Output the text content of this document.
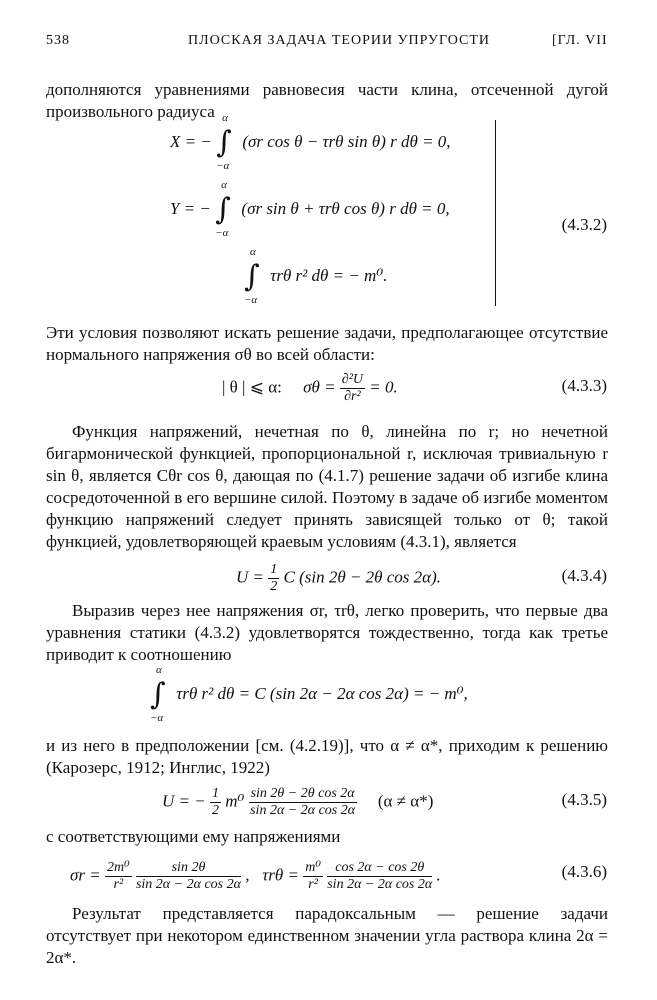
538	ПЛОСКАЯ ЗАДАЧА ТЕОРИИ УПРУГОСТИ	[ГЛ. VII
дополняются уравнениями равновесия части клина, отсеченной дугой произвольного радиуса
X = −
α
∫
−α
(σr cos θ − τrθ sin θ) r dθ = 0,
Y = −
α
∫
−α
(σr sin θ + τrθ cos θ) r dθ = 0,
α
∫
−α
τrθ r² dθ = − m⁰.
(4.3.2)
Эти условия позволяют искать решение задачи, предполагающее отсутствие нормального напряжения σθ во всей области:
| θ | ⩽ α: $\sigma\theta = \frac{\text{∂²U}}{\text{∂r²}} = 0$.	(4.3.3)
Функция напряжений, нечетная по θ, линейна по r; но нечетной бигармонической функцией, пропорциональной r, исключая тривиальную r sin θ, является Cθr cos θ, дающая по (4.1.7) решение задачи об изгибе клина сосредоточенной в его вершине силой. Поэтому в задаче об изгибе моментом функцию напряжений следует принять зависящей только от θ; такой функцией, удовлетворяющей краевым условиям (4.3.1), является
$U = \frac{1}{2}$ C (sin 2θ − 2θ cos 2α).	(4.3.4)
Выразив через нее напряжения σr, τrθ, легко проверить, что первые два уравнения статики (4.3.2) удовлетворятся тождественно, тогда как третье приводит к соотношению
α
∫
−α
τrθ r² dθ = C (sin 2α − 2α cos 2α) = − m⁰,
и из него в предположении [см. (4.2.19)], что α ≠ α*, приходим к решению (Карозерс, 1912; Инглис, 1922)
U = − $\frac{1}{2} m^0 \frac{\text{sin 2θ − 2θ cos 2α}}{\text{sin 2α − 2α cos 2α}} (\alpha \ne \alpha*)$	(4.3.5)
с соответствующими ему напряжениями
$\sigma r = \frac{\text{2m⁰}}{\text{r²}}$
$\frac{\sin 2\theta}{\text{sin 2α − 2α cos 2α}}$ , $\tau r\theta = \frac{\text{m⁰}}{\text{r²}}$
$\frac{\cos 2\alpha - \cos 2\theta}{\text{sin 2α − 2α cos 2α}}$ .	(4.3.6)
Результат представляется парадоксальным — решение задачи отсутствует при некотором единственном значении угла раствора клина 2α = 2α*.
